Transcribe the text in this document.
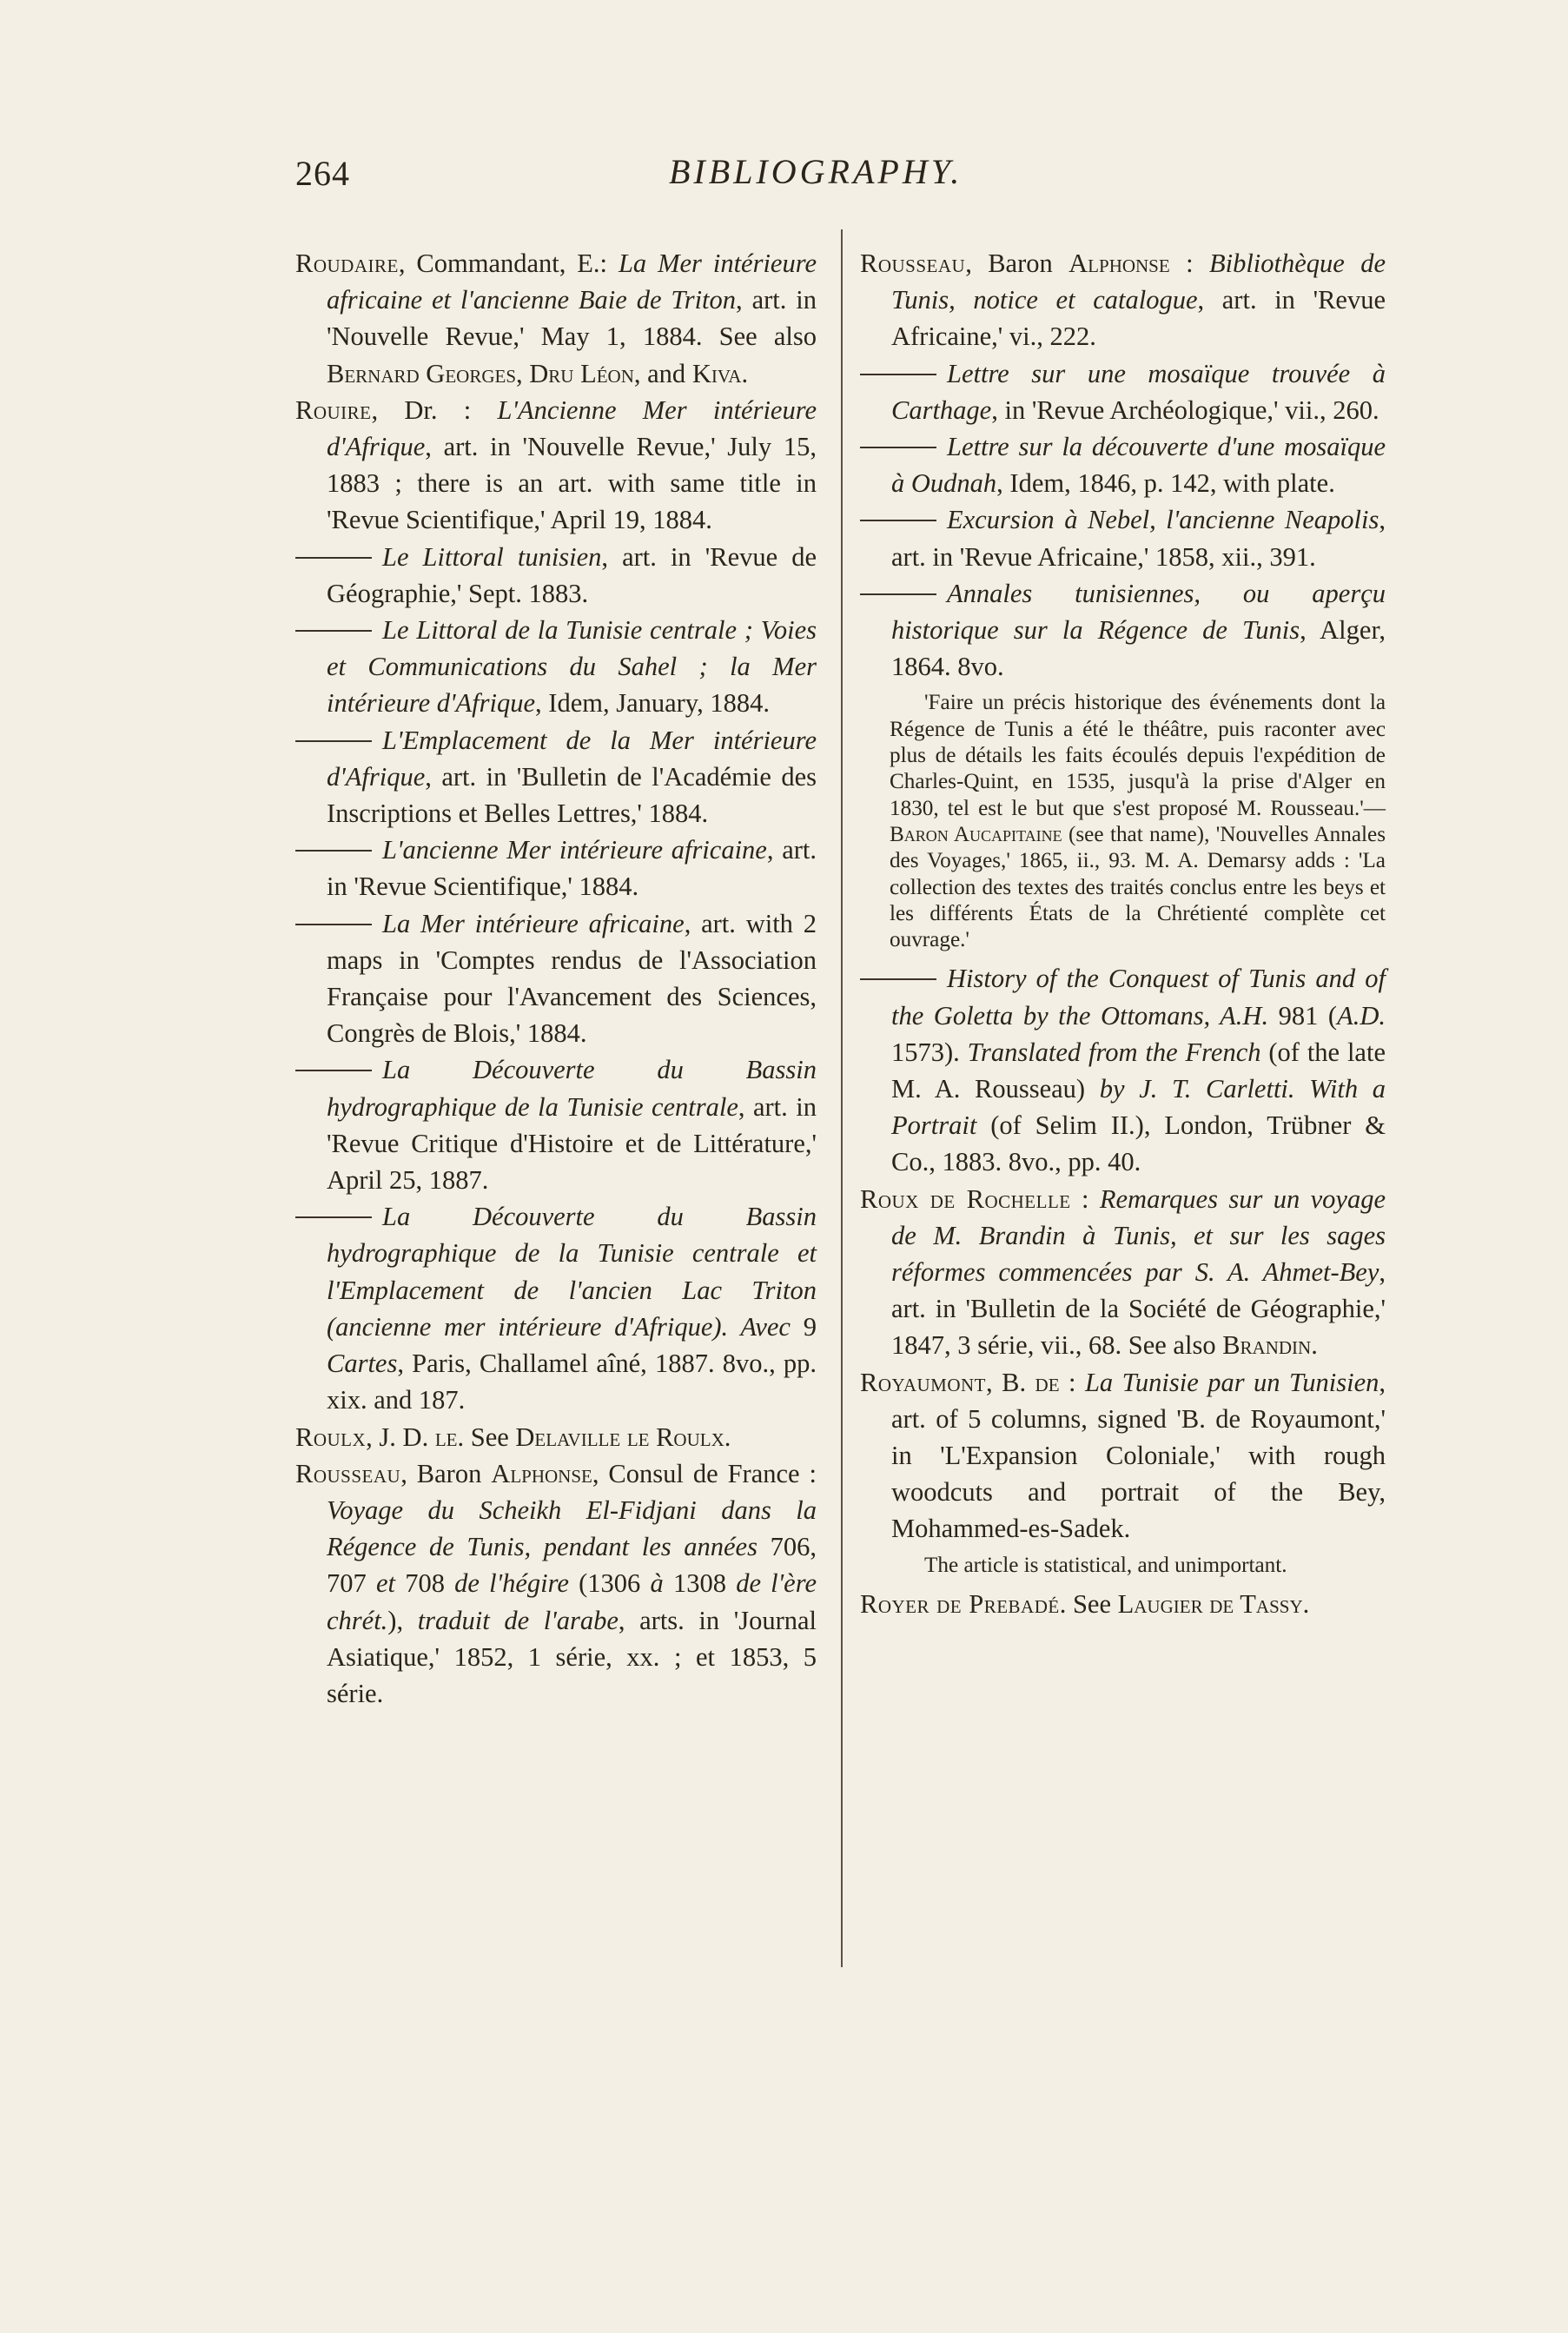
264	BIBLIOGRAPHY.

Roudaire, Commandant, E.: La Mer intérieure africaine et l'ancienne Baie de Triton, art. in 'Nouvelle Revue,' May 1, 1884. See also Bernard Georges, Dru Léon, and Kiva.

Rouire, Dr. : L'Ancienne Mer intérieure d'Afrique, art. in 'Nouvelle Revue,' July 15, 1883 ; there is an art. with same title in 'Revue Scientifique,' April 19, 1884.

Le Littoral tunisien, art. in 'Revue de Géographie,' Sept. 1883.

Le Littoral de la Tunisie centrale ; Voies et Communications du Sahel ; la Mer intérieure d'Afrique, Idem, January, 1884.

L'Emplacement de la Mer intérieure d'Afrique, art. in 'Bulletin de l'Académie des Inscriptions et Belles Lettres,' 1884.

L'ancienne Mer intérieure africaine, art. in 'Revue Scientifique,' 1884.

La Mer intérieure africaine, art. with 2 maps in 'Comptes rendus de l'Association Française pour l'Avancement des Sciences, Congrès de Blois,' 1884.

La Découverte du Bassin hydrographique de la Tunisie centrale, art. in 'Revue Critique d'Histoire et de Littérature,' April 25, 1887.

La Découverte du Bassin hydrographique de la Tunisie centrale et l'Emplacement de l'ancien Lac Triton (ancienne mer intérieure d'Afrique). Avec 9 Cartes, Paris, Challamel aîné, 1887. 8vo., pp. xix. and 187.

Roulx, J. D. le. See Delaville le Roulx.

Rousseau, Baron Alphonse, Consul de France : Voyage du Scheikh El-Fidjani dans la Régence de Tunis, pendant les années 706, 707 et 708 de l'hégire (1306 à 1308 de l'ère chrét.), traduit de l'arabe, arts. in 'Journal Asiatique,' 1852, 1 série, xx. ; et 1853, 5 série.

Rousseau, Baron Alphonse : Bibliothèque de Tunis, notice et catalogue, art. in 'Revue Africaine,' vi., 222.

Lettre sur une mosaïque trouvée à Carthage, in 'Revue Archéologique,' vii., 260.

Lettre sur la découverte d'une mosaïque à Oudnah, Idem, 1846, p. 142, with plate.

Excursion à Nebel, l'ancienne Neapolis, art. in 'Revue Africaine,' 1858, xii., 391.

Annales tunisiennes, ou aperçu historique sur la Régence de Tunis, Alger, 1864. 8vo.

'Faire un précis historique des événements dont la Régence de Tunis a été le théâtre, puis raconter avec plus de détails les faits écoulés depuis l'expédition de Charles-Quint, en 1535, jusqu'à la prise d'Alger en 1830, tel est le but que s'est proposé M. Rousseau.'—Baron Aucapitaine (see that name), 'Nouvelles Annales des Voyages,' 1865, ii., 93. M. A. Demarsy adds : 'La collection des textes des traités conclus entre les beys et les différents États de la Chrétienté complète cet ouvrage.'

History of the Conquest of Tunis and of the Goletta by the Ottomans, A.H. 981 (A.D. 1573). Translated from the French (of the late M. A. Rousseau) by J. T. Carletti. With a Portrait (of Selim II.), London, Trübner & Co., 1883. 8vo., pp. 40.

Roux de Rochelle : Remarques sur un voyage de M. Brandin à Tunis, et sur les sages réformes commencées par S. A. Ahmet-Bey, art. in 'Bulletin de la Société de Géographie,' 1847, 3 série, vii., 68. See also Brandin.

Royaumont, B. de : La Tunisie par un Tunisien, art. of 5 columns, signed 'B. de Royaumont,' in 'L'Expansion Coloniale,' with rough woodcuts and portrait of the Bey, Mohammed-es-Sadek.

The article is statistical, and unimportant.

Royer de Prebadé. See Laugier de Tassy.
